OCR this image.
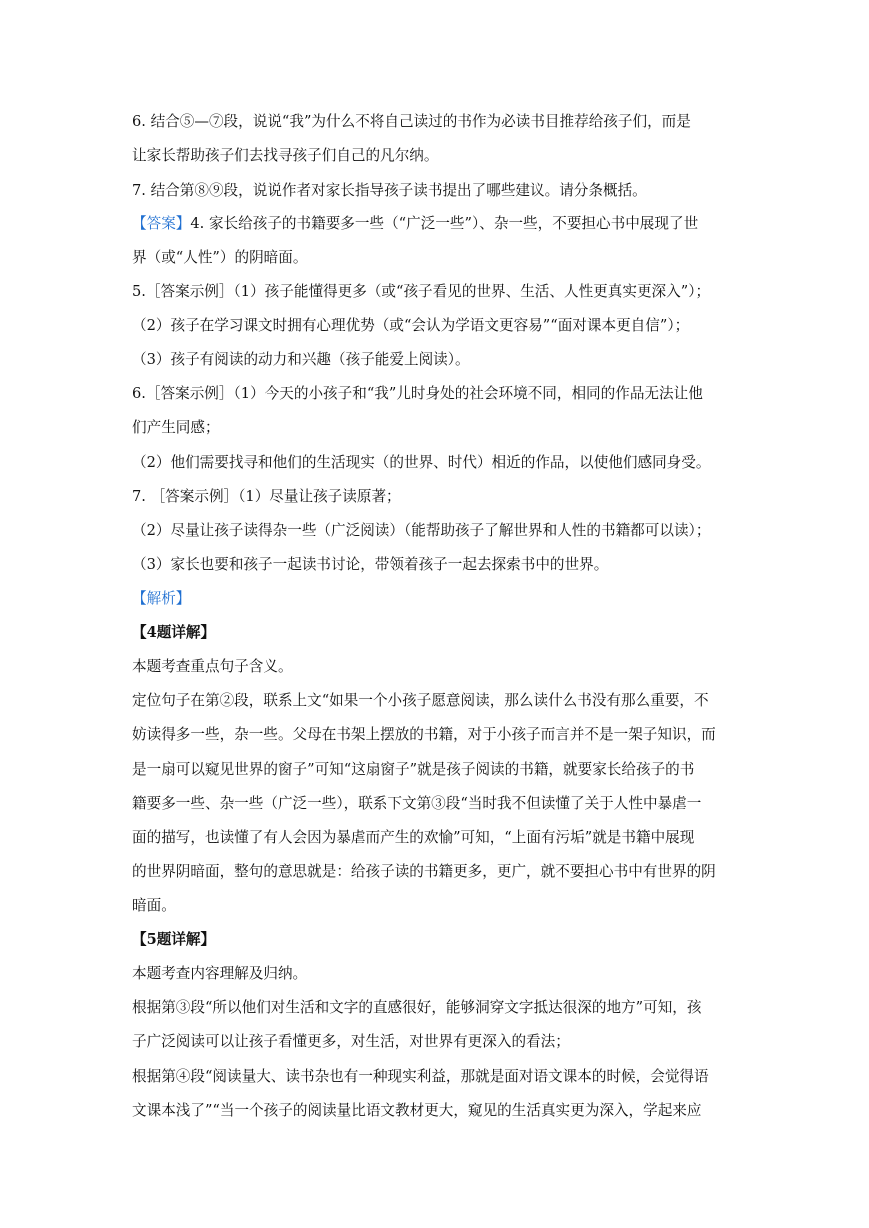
6. 结合⑤—⑦段，说说“我”为什么不将自己读过的书作为必读书目推荐给孩子们，而是
让家长帮助孩子们去找寻孩子们自己的凡尔纳。
7. 结合第⑧⑨段，说说作者对家长指导孩子读书提出了哪些建议。请分条概括。
【答案】4. 家长给孩子的书籍要多一些（“广泛一些”）、杂一些，不要担心书中展现了世
界（或“人性”）的阴暗面。
5.［答案示例］（1）孩子能懂得更多（或“孩子看见的世界、生活、人性更真实更深入”）；
（2）孩子在学习课文时拥有心理优势（或“会认为学语文更容易”“面对课本更自信”）；
（3）孩子有阅读的动力和兴趣（孩子能爱上阅读）。
6.［答案示例］（1）今天的小孩子和“我”儿时身处的社会环境不同，相同的作品无法让他
们产生同感；
（2）他们需要找寻和他们的生活现实（的世界、时代）相近的作品，以使他们感同身受。
7. ［答案示例］（1）尽量让孩子读原著；
（2）尽量让孩子读得杂一些（广泛阅读）（能帮助孩子了解世界和人性的书籍都可以读）；
（3）家长也要和孩子一起读书讨论，带领着孩子一起去探索书中的世界。
【解析】
【4题详解】
本题考查重点句子含义。
定位句子在第②段，联系上文“如果一个小孩子愿意阅读，那么读什么书没有那么重要，不
妨读得多一些，杂一些。父母在书架上摆放的书籍，对于小孩子而言并不是一架子知识，而
是一扇可以窥见世界的窗子”可知“这扇窗子”就是孩子阅读的书籍，就要家长给孩子的书
籍要多一些、杂一些（广泛一些），联系下文第③段“当时我不但读懂了关于人性中暴虐一
面的描写，也读懂了有人会因为暴虐而产生的欢愉”可知，“上面有污垢”就是书籍中展现
的世界阴暗面，整句的意思就是：给孩子读的书籍更多，更广，就不要担心书中有世界的阴
暗面。
【5题详解】
本题考查内容理解及归纳。
根据第③段“所以他们对生活和文字的直感很好，能够洞穿文字抵达很深的地方”可知，孩
子广泛阅读可以让孩子看懂更多，对生活，对世界有更深入的看法；
根据第④段“阅读量大、读书杂也有一种现实利益，那就是面对语文课本的时候，会觉得语
文课本浅了”“当一个孩子的阅读量比语文教材更大，窥见的生活真实更为深入，学起来应
